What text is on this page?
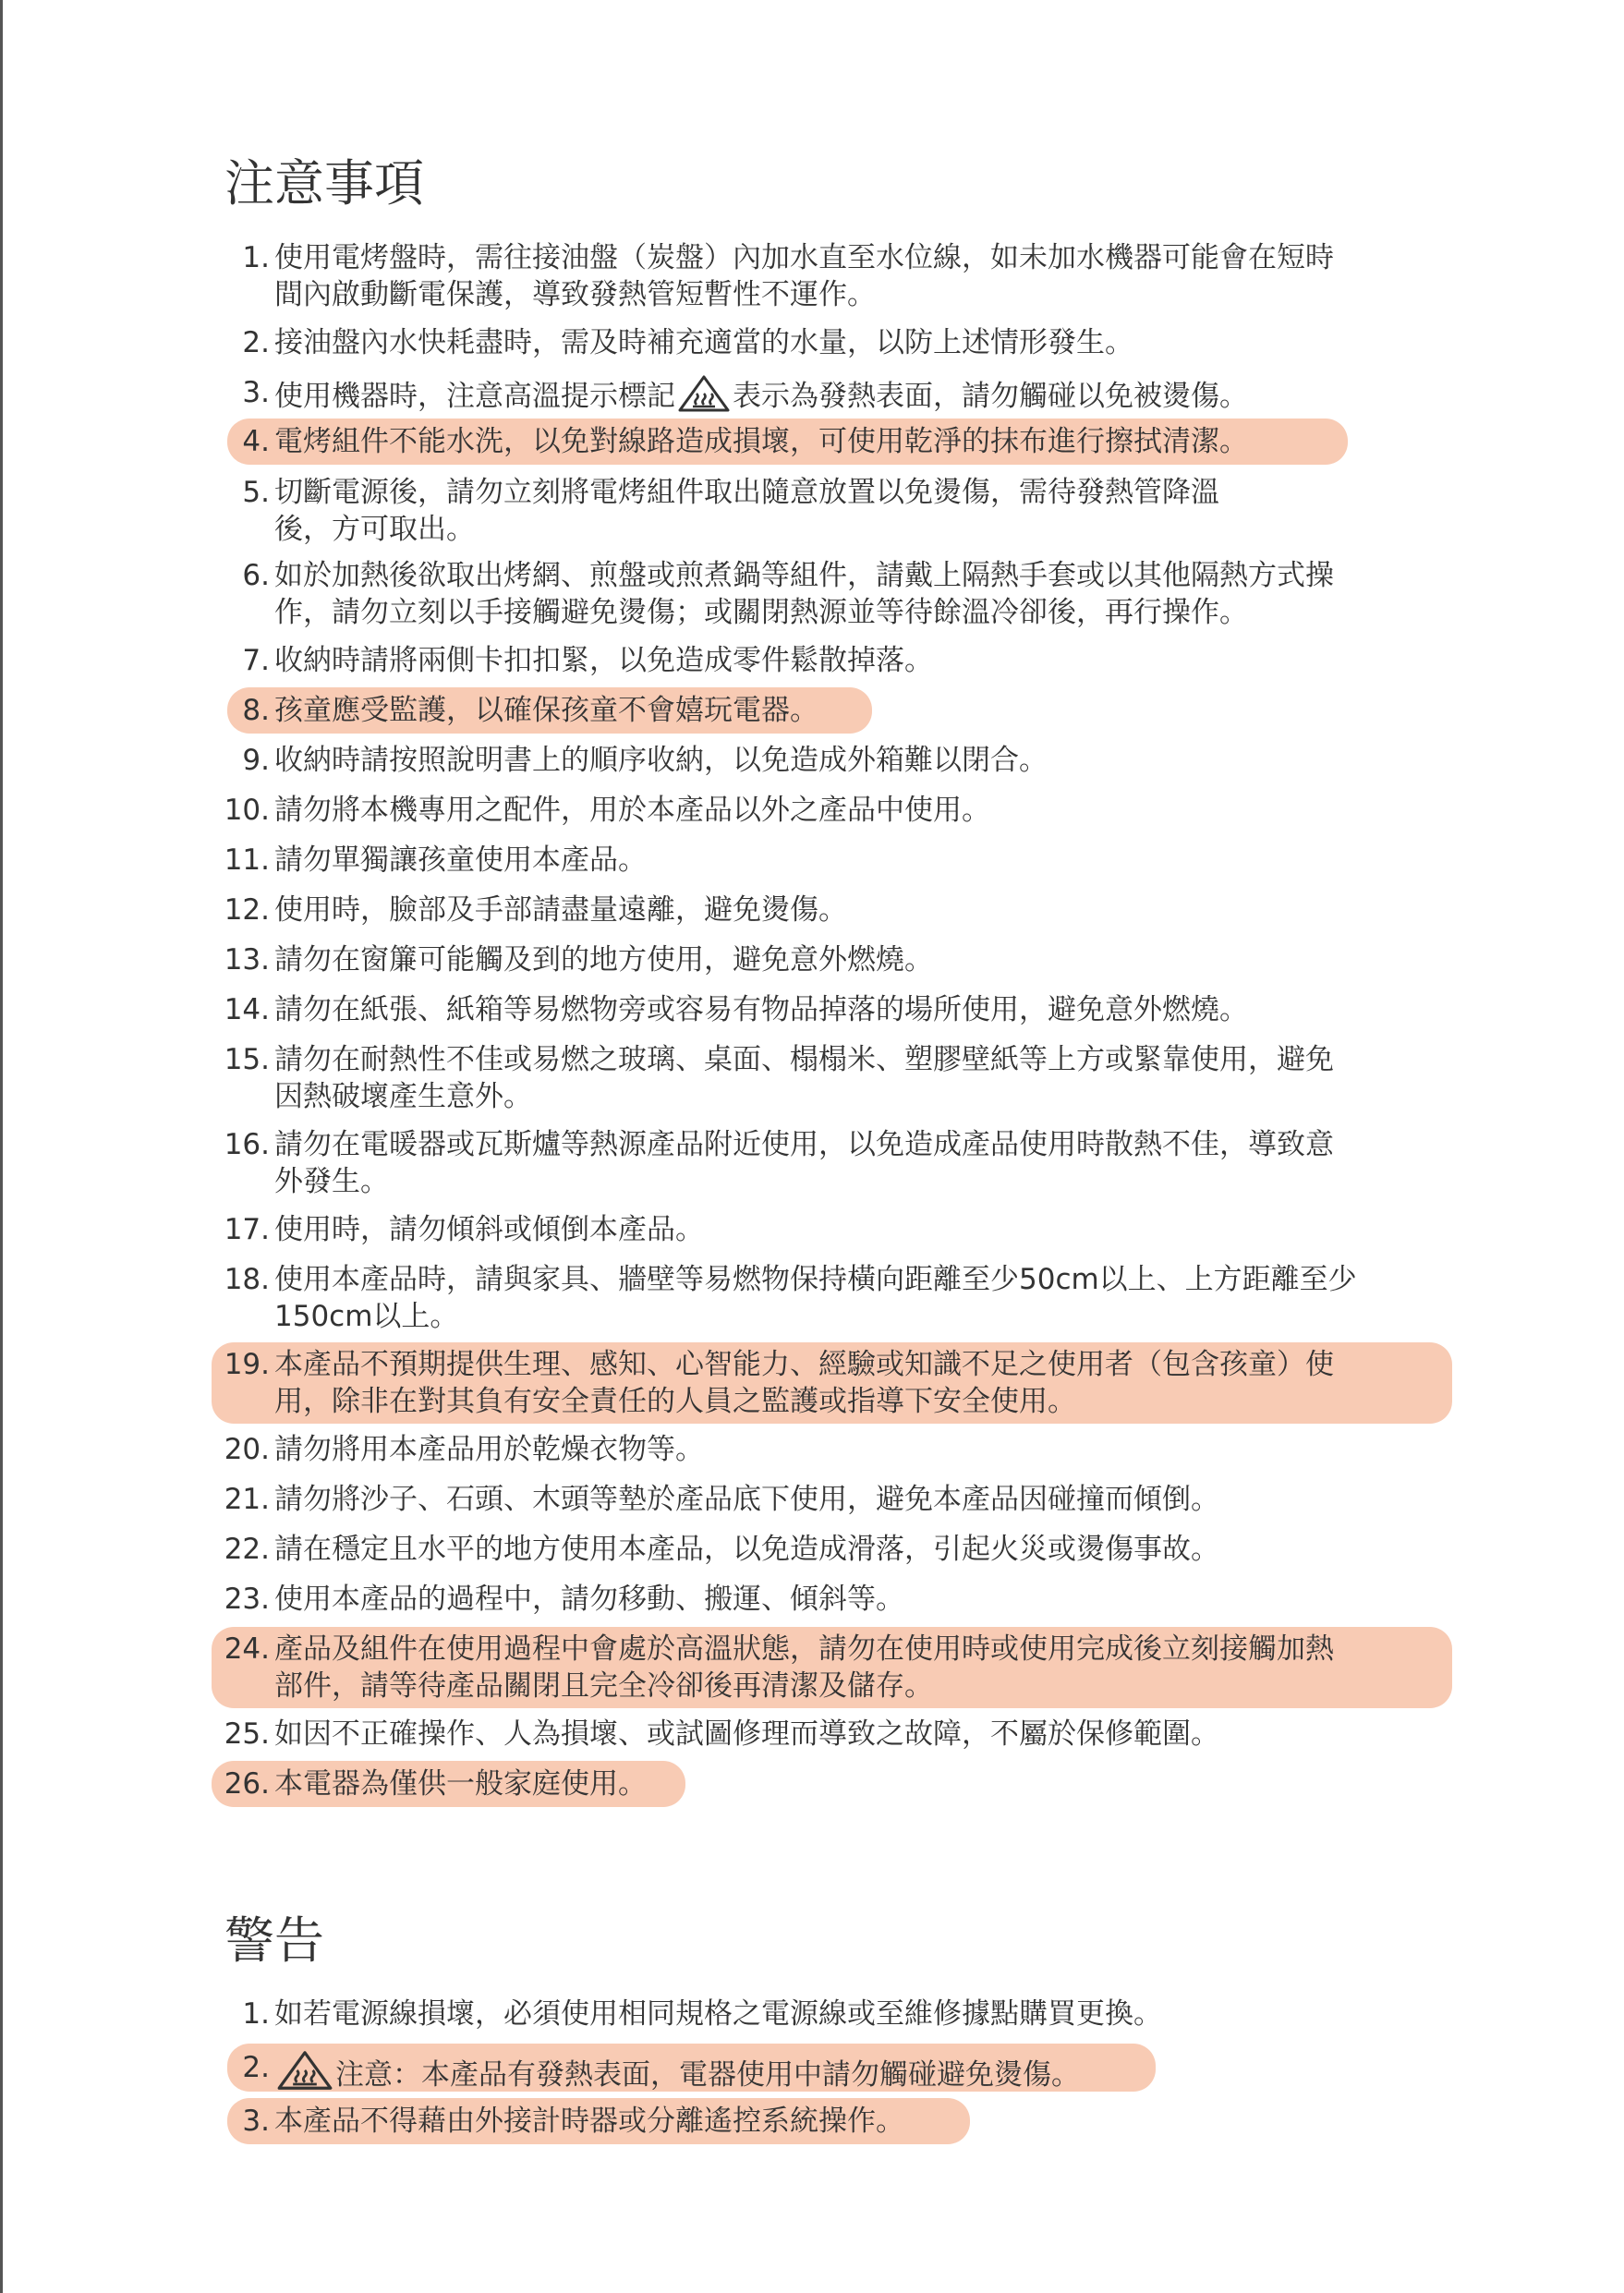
注意事項
1. 使用電烤盤時，需往接油盤（炭盤）內加水直至水位線，如未加水機器可能會在短時
間內啟動斷電保護，導致發熱管短暫性不運作。
2. 接油盤內水快耗盡時，需及時補充適當的水量，以防上述情形發生。
3. 使用機器時，注意高溫提示標記 表示為發熱表面，請勿觸碰以免被燙傷。
4. 電烤組件不能水洗，以免對線路造成損壞，可使用乾淨的抹布進行擦拭清潔。
5. 切斷電源後，請勿立刻將電烤組件取出隨意放置以免燙傷，需待發熱管降溫
後，方可取出。
6. 如於加熱後欲取出烤網、煎盤或煎煮鍋等組件，請戴上隔熱手套或以其他隔熱方式操
作，請勿立刻以手接觸避免燙傷；或關閉熱源並等待餘溫冷卻後，再行操作。
7. 收納時請將兩側卡扣扣緊，以免造成零件鬆散掉落。
8. 孩童應受監護，以確保孩童不會嬉玩電器。
9. 收納時請按照說明書上的順序收納，以免造成外箱難以閉合。
10. 請勿將本機專用之配件，用於本產品以外之產品中使用。
11. 請勿單獨讓孩童使用本產品。
12. 使用時，臉部及手部請盡量遠離，避免燙傷。
13. 請勿在窗簾可能觸及到的地方使用，避免意外燃燒。
14. 請勿在紙張、紙箱等易燃物旁或容易有物品掉落的場所使用，避免意外燃燒。
15. 請勿在耐熱性不佳或易燃之玻璃、桌面、榻榻米、塑膠壁紙等上方或緊靠使用，避免
因熱破壞產生意外。
16. 請勿在電暖器或瓦斯爐等熱源產品附近使用，以免造成產品使用時散熱不佳，導致意
外發生。
17. 使用時，請勿傾斜或傾倒本產品。
18. 使用本產品時，請與家具、牆壁等易燃物保持橫向距離至少50cm以上、上方距離至少
150cm以上。
19. 本產品不預期提供生理、感知、心智能力、經驗或知識不足之使用者（包含孩童）使
用，除非在對其負有安全責任的人員之監護或指導下安全使用。
20. 請勿將用本產品用於乾燥衣物等。
21. 請勿將沙子、石頭、木頭等墊於產品底下使用，避免本產品因碰撞而傾倒。
22. 請在穩定且水平的地方使用本產品，以免造成滑落，引起火災或燙傷事故。
23. 使用本產品的過程中，請勿移動、搬運、傾斜等。
24. 產品及組件在使用過程中會處於高溫狀態，請勿在使用時或使用完成後立刻接觸加熱
部件，請等待產品關閉且完全冷卻後再清潔及儲存。
25. 如因不正確操作、人為損壞、或試圖修理而導致之故障，不屬於保修範圍。
26. 本電器為僅供一般家庭使用。
警告
1. 如若電源線損壞，必須使用相同規格之電源線或至維修據點購買更換。
2.	注意：本產品有發熱表面，電器使用中請勿觸碰避免燙傷。
3. 本產品不得藉由外接計時器或分離遙控系統操作。
